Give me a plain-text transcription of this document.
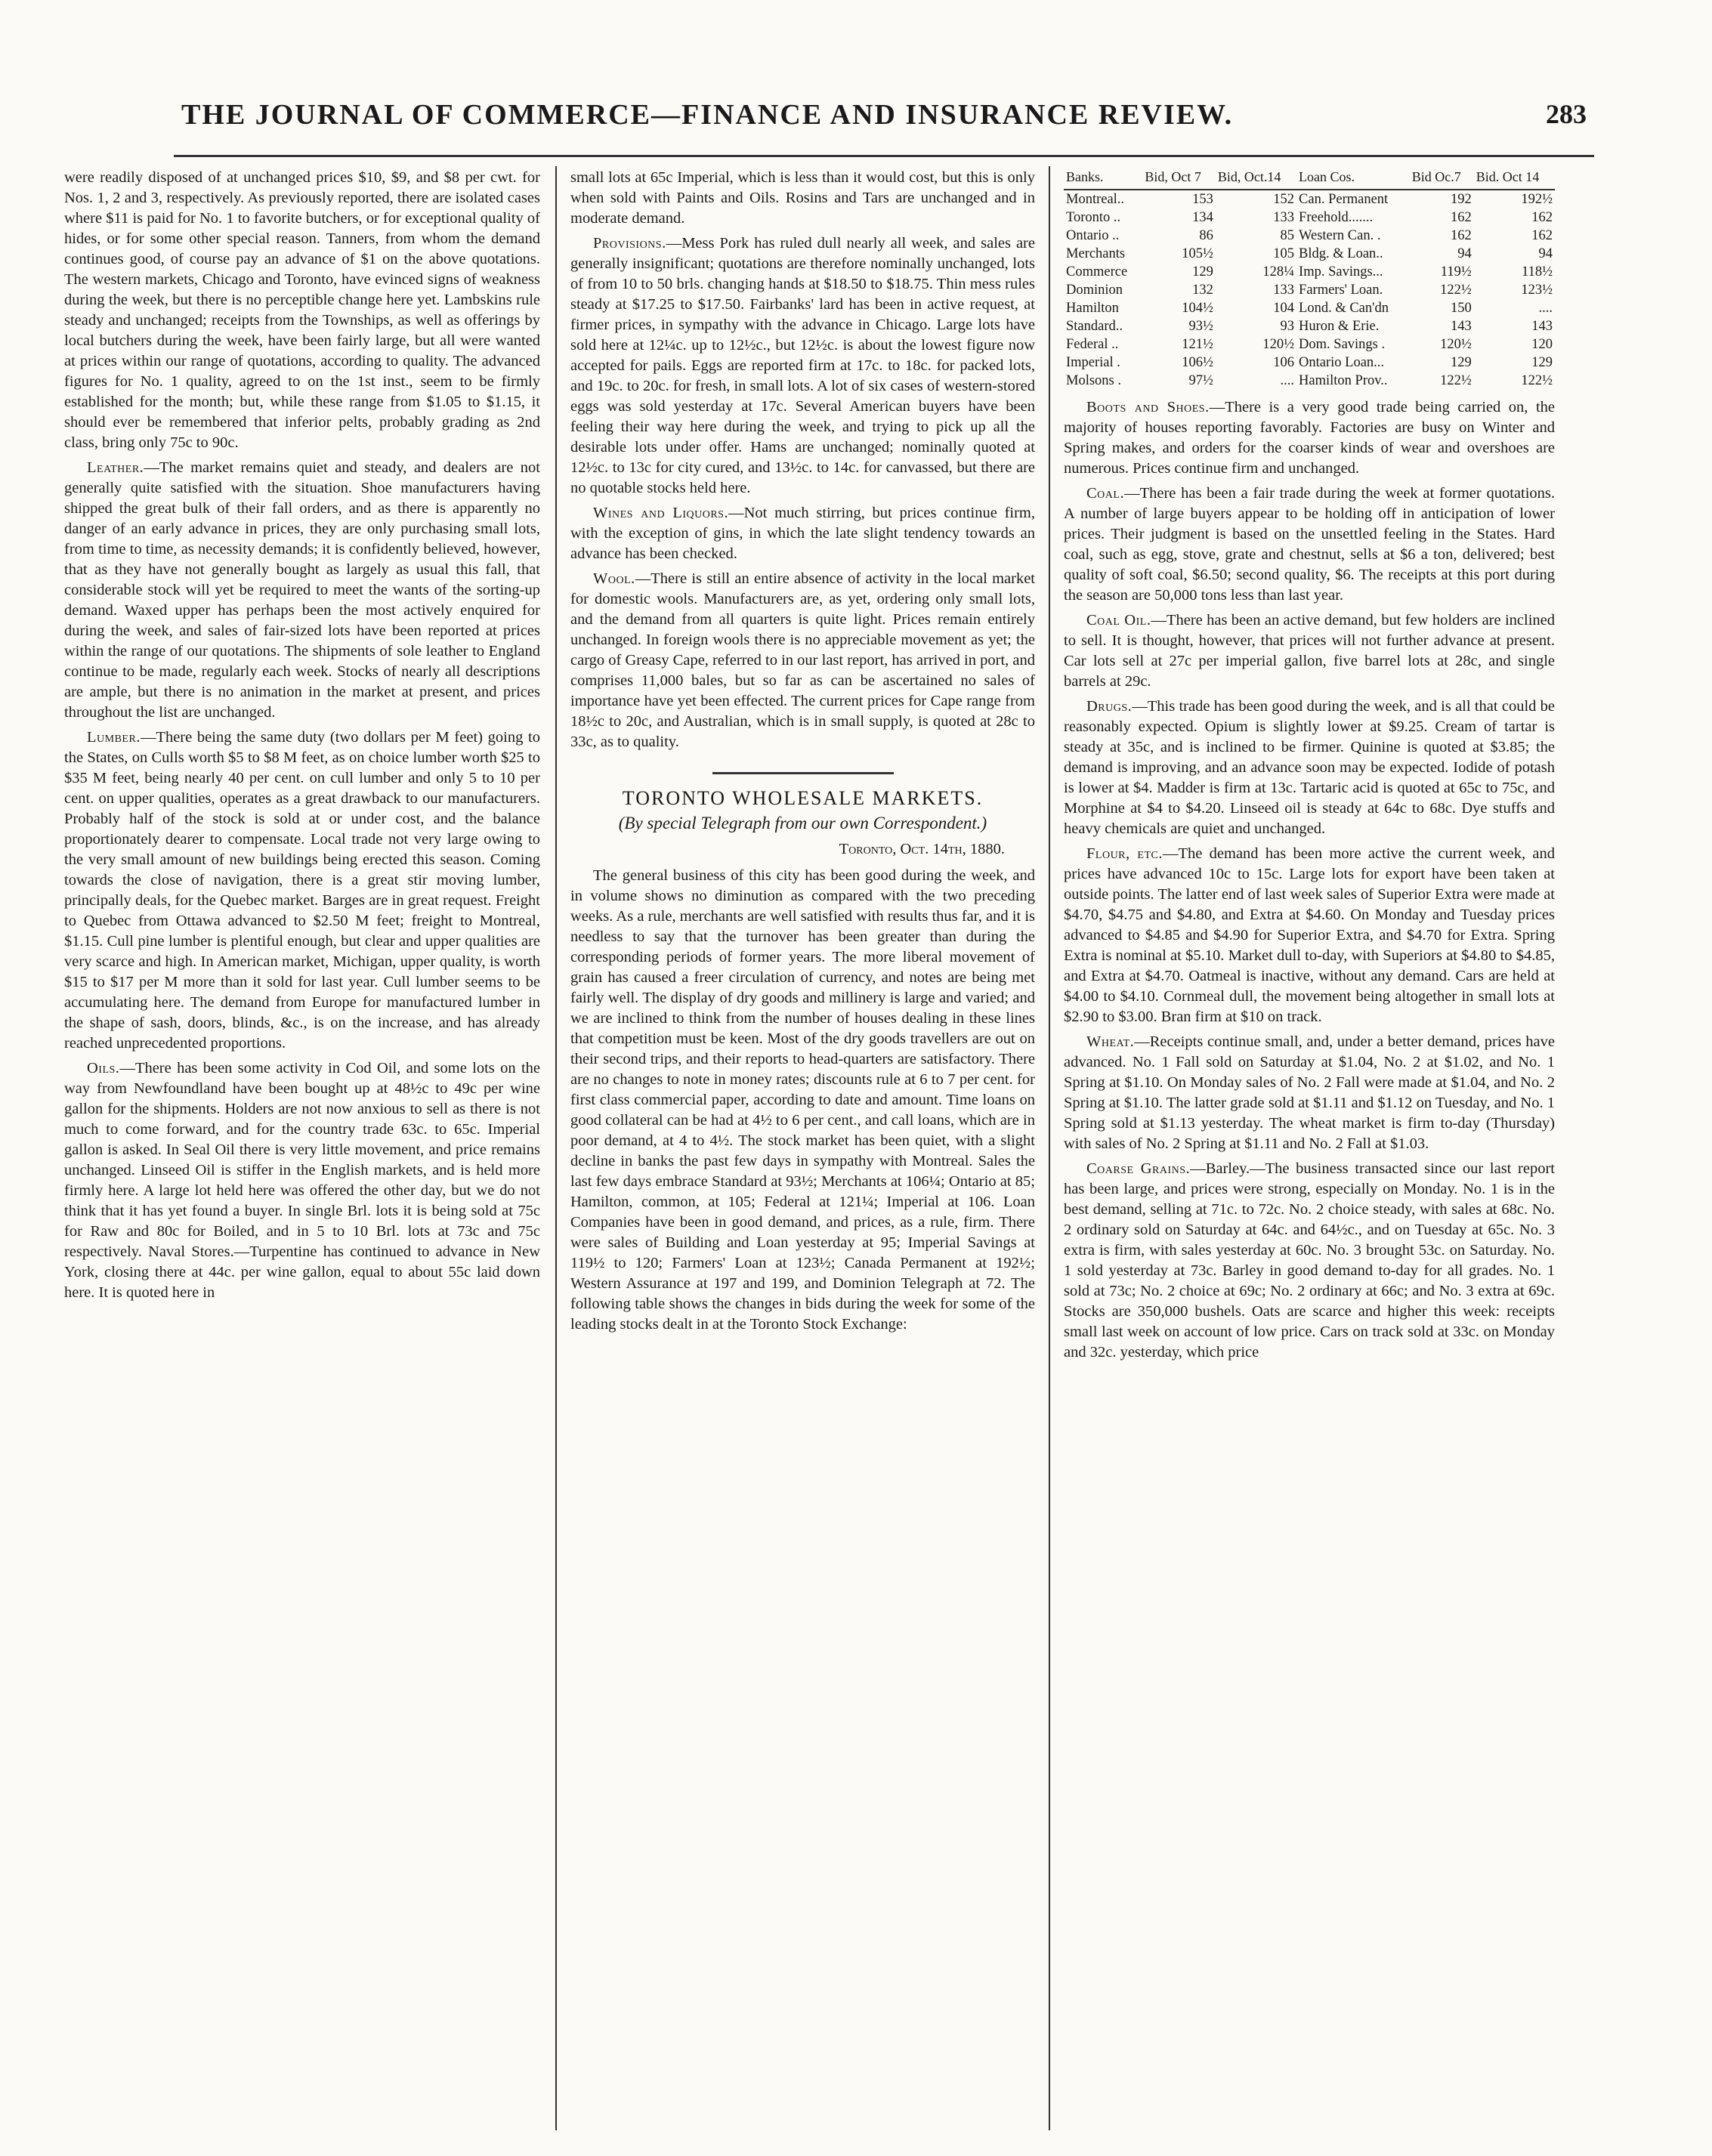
THE JOURNAL OF COMMERCE—FINANCE AND INSURANCE REVIEW.	283

were readily disposed of at unchanged prices $10, $9, and $8 per cwt. for Nos. 1, 2 and 3, respectively. As previously reported, there are isolated cases where $11 is paid for No. 1 to favorite butchers, or for exceptional quality of hides, or for some other special reason. Tanners, from whom the demand continues good, of course pay an advance of $1 on the above quotations. The western markets, Chicago and Toronto, have evinced signs of weakness during the week, but there is no perceptible change here yet. Lambskins rule steady and unchanged; receipts from the Townships, as well as offerings by local butchers during the week, have been fairly large, but all were wanted at prices within our range of quotations, according to quality. The advanced figures for No. 1 quality, agreed to on the 1st inst., seem to be firmly established for the month; but, while these range from $1.05 to $1.15, it should ever be remembered that inferior pelts, probably grading as 2nd class, bring only 75c to 90c.

Leather.—The market remains quiet and steady, and dealers are not generally quite satisfied with the situation. Shoe manufacturers having shipped the great bulk of their fall orders, and as there is apparently no danger of an early advance in prices, they are only purchasing small lots, from time to time, as necessity demands; it is confidently believed, however, that as they have not generally bought as largely as usual this fall, that considerable stock will yet be required to meet the wants of the sorting-up demand. Waxed upper has perhaps been the most actively enquired for during the week, and sales of fair-sized lots have been reported at prices within the range of our quotations. The shipments of sole leather to England continue to be made, regularly each week. Stocks of nearly all descriptions are ample, but there is no animation in the market at present, and prices throughout the list are unchanged.

Lumber.—There being the same duty (two dollars per M feet) going to the States, on Culls worth $5 to $8 M feet, as on choice lumber worth $25 to $35 M feet, being nearly 40 per cent. on cull lumber and only 5 to 10 per cent. on upper qualities, operates as a great drawback to our manufacturers. Probably half of the stock is sold at or under cost, and the balance proportionately dearer to compensate. Local trade not very large owing to the very small amount of new buildings being erected this season. Coming towards the close of navigation, there is a great stir moving lumber, principally deals, for the Quebec market. Barges are in great request. Freight to Quebec from Ottawa advanced to $2.50 M feet; freight to Montreal, $1.15. Cull pine lumber is plentiful enough, but clear and upper qualities are very scarce and high. In American market, Michigan, upper quality, is worth $15 to $17 per M more than it sold for last year. Cull lumber seems to be accumulating here. The demand from Europe for manufactured lumber in the shape of sash, doors, blinds, &c., is on the increase, and has already reached unprecedented proportions.

Oils.—There has been some activity in Cod Oil, and some lots on the way from Newfoundland have been bought up at 48½c to 49c per wine gallon for the shipments. Holders are not now anxious to sell as there is not much to come forward, and for the country trade 63c. to 65c. Imperial gallon is asked. In Seal Oil there is very little movement, and price remains unchanged. Linseed Oil is stiffer in the English markets, and is held more firmly here. A large lot held here was offered the other day, but we do not think that it has yet found a buyer. In single Brl. lots it is being sold at 75c for Raw and 80c for Boiled, and in 5 to 10 Brl. lots at 73c and 75c respectively. Naval Stores.—Turpentine has continued to advance in New York, closing there at 44c. per wine gallon, equal to about 55c laid down here. It is quoted here in

small lots at 65c Imperial, which is less than it would cost, but this is only when sold with Paints and Oils. Rosins and Tars are unchanged and in moderate demand.

Provisions.—Mess Pork has ruled dull nearly all week, and sales are generally insignificant; quotations are therefore nominally unchanged, lots of from 10 to 50 brls. changing hands at $18.50 to $18.75. Thin mess rules steady at $17.25 to $17.50. Fairbanks' lard has been in active request, at firmer prices, in sympathy with the advance in Chicago. Large lots have sold here at 12¼c. up to 12½c., but 12½c. is about the lowest figure now accepted for pails. Eggs are reported firm at 17c. to 18c. for packed lots, and 19c. to 20c. for fresh, in small lots. A lot of six cases of western-stored eggs was sold yesterday at 17c. Several American buyers have been feeling their way here during the week, and trying to pick up all the desirable lots under offer. Hams are unchanged; nominally quoted at 12½c. to 13c for city cured, and 13½c. to 14c. for canvassed, but there are no quotable stocks held here.

Wines and Liquors.—Not much stirring, but prices continue firm, with the exception of gins, in which the late slight tendency towards an advance has been checked.

Wool.—There is still an entire absence of activity in the local market for domestic wools. Manufacturers are, as yet, ordering only small lots, and the demand from all quarters is quite light. Prices remain entirely unchanged. In foreign wools there is no appreciable movement as yet; the cargo of Greasy Cape, referred to in our last report, has arrived in port, and comprises 11,000 bales, but so far as can be ascertained no sales of importance have yet been effected. The current prices for Cape range from 18½c to 20c, and Australian, which is in small supply, is quoted at 28c to 33c, as to quality.

TORONTO WHOLESALE MARKETS.
(By special Telegraph from our own Correspondent.)
Toronto, Oct. 14th, 1880.

The general business of this city has been good during the week, and in volume shows no diminution as compared with the two preceding weeks. As a rule, merchants are well satisfied with results thus far, and it is needless to say that the turnover has been greater than during the corresponding periods of former years. The more liberal movement of grain has caused a freer circulation of currency, and notes are being met fairly well. The display of dry goods and millinery is large and varied; and we are inclined to think from the number of houses dealing in these lines that competition must be keen. Most of the dry goods travellers are out on their second trips, and their reports to head-quarters are satisfactory. There are no changes to note in money rates; discounts rule at 6 to 7 per cent. for first class commercial paper, according to date and amount. Time loans on good collateral can be had at 4½ to 6 per cent., and call loans, which are in poor demand, at 4 to 4½. The stock market has been quiet, with a slight decline in banks the past few days in sympathy with Montreal. Sales the last few days embrace Standard at 93½; Merchants at 106¼; Ontario at 85; Hamilton, common, at 105; Federal at 121¼; Imperial at 106. Loan Companies have been in good demand, and prices, as a rule, firm. There were sales of Building and Loan yesterday at 95; Imperial Savings at 119½ to 120; Farmers' Loan at 123½; Canada Permanent at 192½; Western Assurance at 197 and 199, and Dominion Telegraph at 72. The following table shows the changes in bids during the week for some of the leading stocks dealt in at the Toronto Stock Exchange:

Banks.	Bid, Oct 7	Bid, Oct.14	Loan Cos.	Bid Oc.7	Bid. Oct 14
Montreal..	153	152	Can. Permanent	192	192½
Toronto ..	134	133	Freehold.......	162	162
Ontario ..	86	85	Western Can. .	162	162
Merchants	105½	105	Bldg. & Loan..	94	94
Commerce	129	128¼	Imp. Savings...	119½	118½
Dominion	132	133	Farmers' Loan.	122½	123½
Hamilton	104½	104	Lond. & Can'dn	150	....
Standard..	93½	93	Huron & Erie.	143	143
Federal ..	121½	120½	Dom. Savings .	120½	120
Imperial .	106½	106	Ontario Loan...	129	129
Molsons .	97½	....	Hamilton Prov..	122½	122½

Boots and Shoes.—There is a very good trade being carried on, the majority of houses reporting favorably. Factories are busy on Winter and Spring makes, and orders for the coarser kinds of wear and overshoes are numerous. Prices continue firm and unchanged.

Coal.—There has been a fair trade during the week at former quotations. A number of large buyers appear to be holding off in anticipation of lower prices. Their judgment is based on the unsettled feeling in the States. Hard coal, such as egg, stove, grate and chestnut, sells at $6 a ton, delivered; best quality of soft coal, $6.50; second quality, $6. The receipts at this port during the season are 50,000 tons less than last year.

Coal Oil.—There has been an active demand, but few holders are inclined to sell. It is thought, however, that prices will not further advance at present. Car lots sell at 27c per imperial gallon, five barrel lots at 28c, and single barrels at 29c.

Drugs.—This trade has been good during the week, and is all that could be reasonably expected. Opium is slightly lower at $9.25. Cream of tartar is steady at 35c, and is inclined to be firmer. Quinine is quoted at $3.85; the demand is improving, and an advance soon may be expected. Iodide of potash is lower at $4. Madder is firm at 13c. Tartaric acid is quoted at 65c to 75c, and Morphine at $4 to $4.20. Linseed oil is steady at 64c to 68c. Dye stuffs and heavy chemicals are quiet and unchanged.

Flour, etc.—The demand has been more active the current week, and prices have advanced 10c to 15c. Large lots for export have been taken at outside points. The latter end of last week sales of Superior Extra were made at $4.70, $4.75 and $4.80, and Extra at $4.60. On Monday and Tuesday prices advanced to $4.85 and $4.90 for Superior Extra, and $4.70 for Extra. Spring Extra is nominal at $5.10. Market dull to-day, with Superiors at $4.80 to $4.85, and Extra at $4.70. Oatmeal is inactive, without any demand. Cars are held at $4.00 to $4.10. Cornmeal dull, the movement being altogether in small lots at $2.90 to $3.00. Bran firm at $10 on track.

Wheat.—Receipts continue small, and, under a better demand, prices have advanced. No. 1 Fall sold on Saturday at $1.04, No. 2 at $1.02, and No. 1 Spring at $1.10. On Monday sales of No. 2 Fall were made at $1.04, and No. 2 Spring at $1.10. The latter grade sold at $1.11 and $1.12 on Tuesday, and No. 1 Spring sold at $1.13 yesterday. The wheat market is firm to-day (Thursday) with sales of No. 2 Spring at $1.11 and No. 2 Fall at $1.03.

Coarse Grains.—Barley.—The business transacted since our last report has been large, and prices were strong, especially on Monday. No. 1 is in the best demand, selling at 71c. to 72c. No. 2 choice steady, with sales at 68c. No. 2 ordinary sold on Saturday at 64c. and 64½c., and on Tuesday at 65c. No. 3 extra is firm, with sales yesterday at 60c. No. 3 brought 53c. on Saturday. No. 1 sold yesterday at 73c. Barley in good demand to-day for all grades. No. 1 sold at 73c; No. 2 choice at 69c; No. 2 ordinary at 66c; and No. 3 extra at 69c. Stocks are 350,000 bushels. Oats are scarce and higher this week: receipts small last week on account of low price. Cars on track sold at 33c. on Monday and 32c. yesterday, which price
